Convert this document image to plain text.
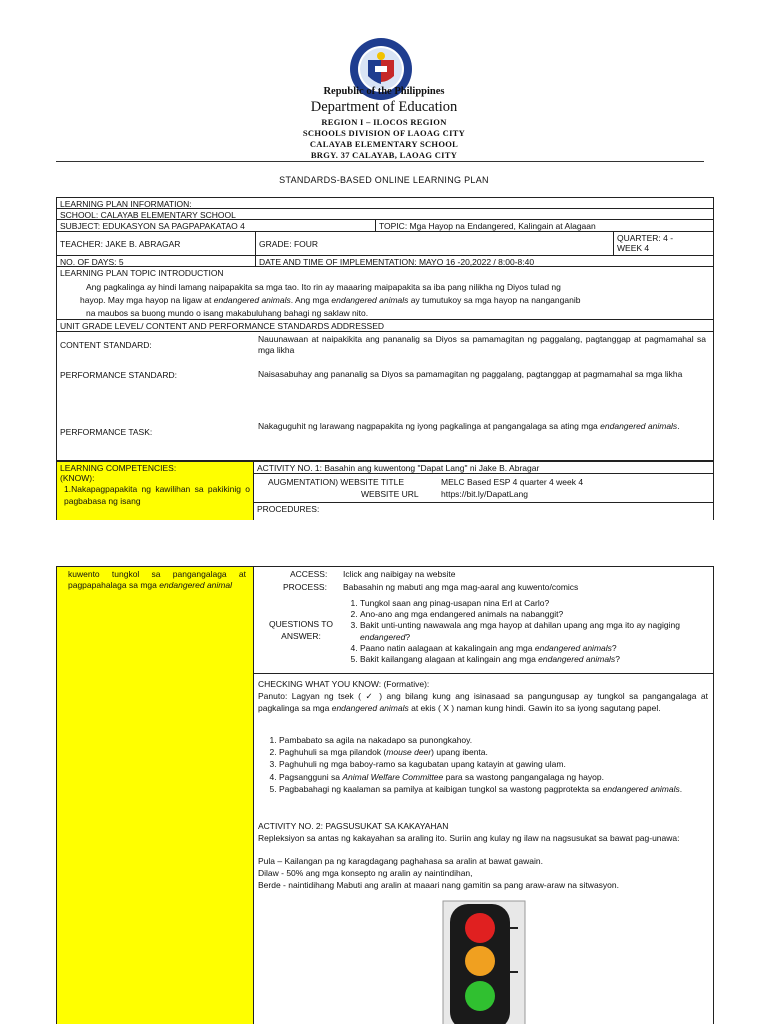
Republic of the Philippines
Department of Education
REGION I – ILOCOS REGION
SCHOOLS DIVISION OF LAOAG CITY
CALAYAB ELEMENTARY SCHOOL
BRGY. 37 CALAYAB, LAOAG CITY
STANDARDS-BASED ONLINE LEARNING PLAN
LEARNING PLAN INFORMATION:
SCHOOL: CALAYAB ELEMENTARY SCHOOL
SUBJECT: EDUKASYON SA PAGPAPAKATAO 4	TOPIC: Mga Hayop na Endangered, Kalingain at Alagaan
TEACHER: JAKE B. ABRAGAR	GRADE: FOUR
QUARTER: 4 -
WEEK 4
NO. OF DAYS: 5	DATE AND TIME OF IMPLEMENTATION: MAYO 16 -20,2022 / 8:00-8:40
LEARNING PLAN TOPIC INTRODUCTION
Ang pagkalinga ay hindi lamang naipapakita sa mga tao. Ito rin ay maaaring maipapakita sa iba pang nilikha ng Diyos tulad ng
hayop. May mga hayop na ligaw at endangered animals. Ang mga endangered animals ay tumutukoy sa mga hayop na nanganganib
na maubos sa buong mundo o isang makabuluhang bahagi ng saklaw nito.
UNIT GRADE LEVEL/ CONTENT AND PERFORMANCE STANDARDS ADDRESSED
CONTENT STANDARD:
Nauunawaan at naipakikita ang pananalig sa Diyos sa pamamagitan ng paggalang, pagtanggap at pagmamahal sa mga likha
PERFORMANCE STANDARD:	Naisasabuhay ang pananalig sa Diyos sa pamamagitan ng paggalang, pagtanggap at pagmamahal sa mga likha
PERFORMANCE TASK:
Nakaguguhit ng larawang nagpapakita ng iyong pagkalinga at pangangalaga sa ating mga endangered animals.
LEARNING COMPETENCIES: (KNOW):
1.Nakapagpapakita ng kawilihan sa pakikinig o pagbabasa ng isang
ACTIVITY NO. 1: Basahin ang kuwentong "Dapat Lang" ni Jake B. Abragar
AUGMENTATION) WEBSITE TITLE	MELC Based ESP 4 quarter 4 week 4
WEBSITE URL	https://bit.ly/DapatLang
PROCEDURES:
kuwento tungkol sa pangangalaga at pagpapahalaga sa mga endangered animal
ACCESS: Iclick ang naibigay na website
PROCESS: Babasahin ng mabuti ang mga mag-aaral ang kuwento/comics
QUESTIONS TO ANSWER:
1. Tungkol saan ang pinag-usapan nina Erl at Carlo?
2. Ano-ano ang mga endangered animals na nabanggit?
3. Bakit unti-unting nawawala ang mga hayop at dahilan upang ang mga ito ay nagiging endangered?
4. Paano natin aalagaan at kakalingain ang mga endangered animals?
5. Bakit kailangang alagaan at kalingain ang mga endangered animals?
CHECKING WHAT YOU KNOW: (Formative):
Panuto: Lagyan ng tsek ( ✓ ) ang bilang kung ang isinasaad sa pangungusap ay tungkol sa pangangalaga at pagkalinga sa mga endangered animals at ekis ( X ) naman kung hindi. Gawin ito sa iyong sagutang papel.
1. Pambabato sa agila na nakadapo sa punongkahoy.
2. Paghuhuli sa mga pilandok (mouse deer) upang ibenta.
3. Paghuhuli ng mga baboy-ramo sa kagubatan upang katayin at gawing ulam.
4. Pagsangguni sa Animal Welfare Committee para sa wastong pangangalaga ng hayop.
5. Pagbabahagi ng kaalaman sa pamilya at kaibigan tungkol sa wastong pagprotekta sa endangered animals.
ACTIVITY NO. 2: PAGSUSUKAT SA KAKAYAHAN
Repleksiyon sa antas ng kakayahan sa araling ito. Suriin ang kulay ng ilaw na nagsusukat sa bawat pag-unawa:
Pula – Kailangan pa ng karagdagang paghahasa sa aralin at bawat gawain.
Dilaw - 50% ang mga konsepto ng aralin ay naintindihan,
Berde - naintidihang Mabuti ang aralin at maaari nang gamitin sa pang araw-araw na sitwasyon.
